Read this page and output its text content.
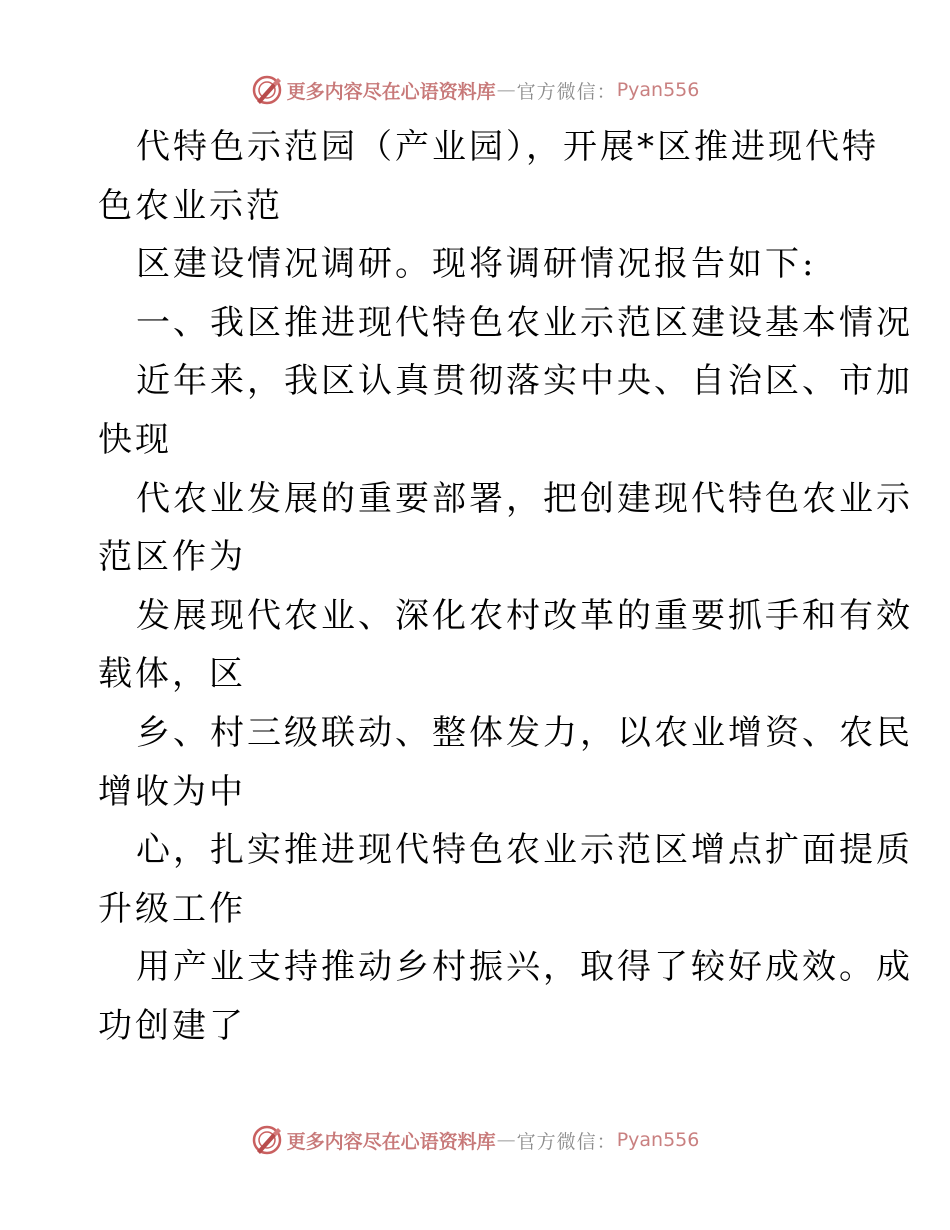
更多内容尽在心语资料库 — 官方微信： Pyan556
代特色示范园（产业园），开展*区推进现代特
色农业示范
区建设情况调研。现将调研情况报告如下:
一、我区推进现代特色农业示范区建设基本情况
近年来，我区认真贯彻落实中央、自治区、市加
快现
代农业发展的重要部署，把创建现代特色农业示
范区作为
发展现代农业、深化农村改革的重要抓手和有效
载体，区
乡、村三级联动、整体发力，以农业增资、农民
增收为中
心，扎实推进现代特色农业示范区增点扩面提质
升级工作
用产业支持推动乡村振兴，取得了较好成效。成
功创建了
更多内容尽在心语资料库 — 官方微信： Pyan556
